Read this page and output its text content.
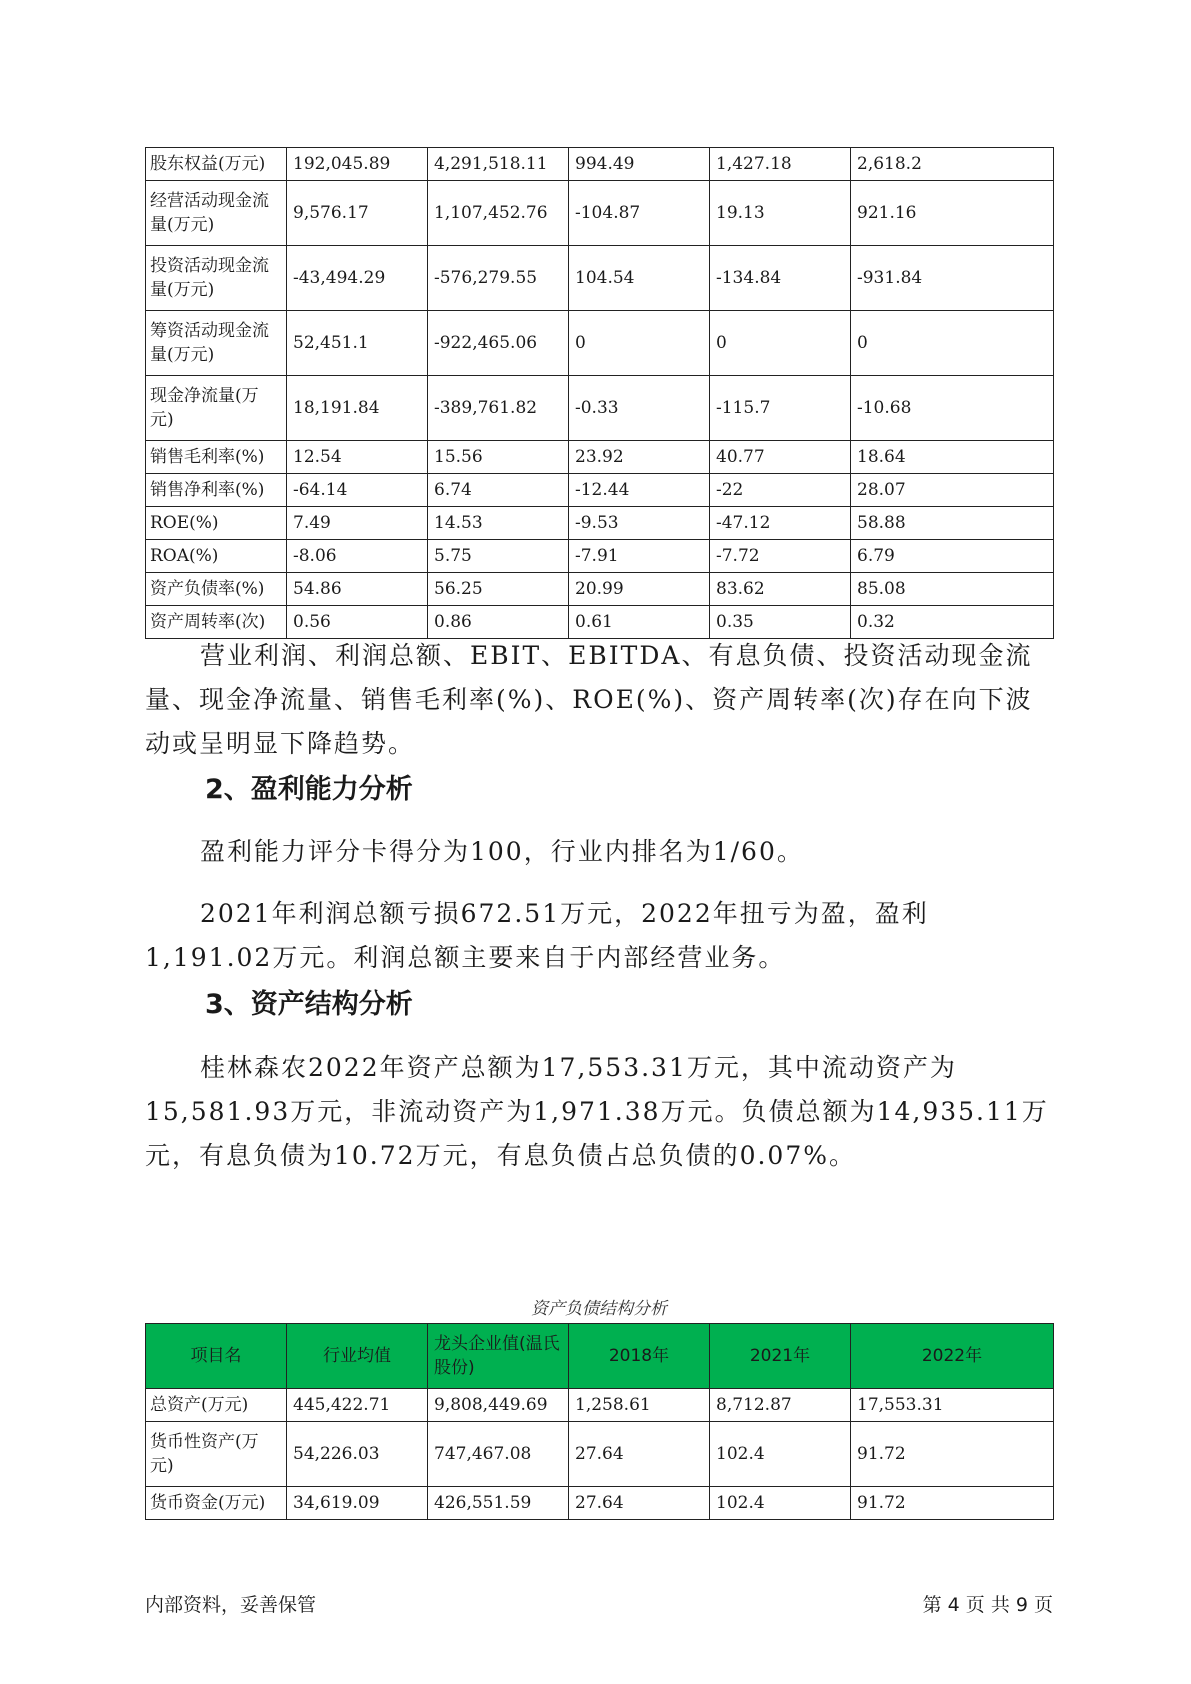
股东权益(万元)	192,045.89	4,291,518.11	994.49	1,427.18	2,618.2
经营活动现金流量(万元)	9,576.17	1,107,452.76	-104.87	19.13	921.16
投资活动现金流量(万元)	-43,494.29	-576,279.55	104.54	-134.84	-931.84
筹资活动现金流量(万元)	52,451.1	-922,465.06	0	0	0
现金净流量(万元)	18,191.84	-389,761.82	-0.33	-115.7	-10.68
销售毛利率(%)	12.54	15.56	23.92	40.77	18.64
销售净利率(%)	-64.14	6.74	-12.44	-22	28.07
ROE(%)	7.49	14.53	-9.53	-47.12	58.88
ROA(%)	-8.06	5.75	-7.91	-7.72	6.79
资产负债率(%)	54.86	56.25	20.99	83.62	85.08
资产周转率(次)	0.56	0.86	0.61	0.35	0.32

营业利润、利润总额、EBIT、EBITDA、有息负债、投资活动现金流量、现金净流量、销售毛利率(%)、ROE(%)、资产周转率(次)存在向下波动或呈明显下降趋势。

2、盈利能力分析

盈利能力评分卡得分为100，行业内排名为1/60。

2021年利润总额亏损672.51万元，2022年扭亏为盈，盈利1,191.02万元。利润总额主要来自于内部经营业务。

3、资产结构分析

桂林森农2022年资产总额为17,553.31万元，其中流动资产为15,581.93万元，非流动资产为1,971.38万元。负债总额为14,935.11万元，有息负债为10.72万元，有息负债占总负债的0.07%。

资产负债结构分析

项目名	行业均值	龙头企业值(温氏股份)	2018年	2021年	2022年
总资产(万元)	445,422.71	9,808,449.69	1,258.61	8,712.87	17,553.31
货币性资产(万元)	54,226.03	747,467.08	27.64	102.4	91.72
货币资金(万元)	34,619.09	426,551.59	27.64	102.4	91.72
内部资料，妥善保管	第 4 页 共 9 页
